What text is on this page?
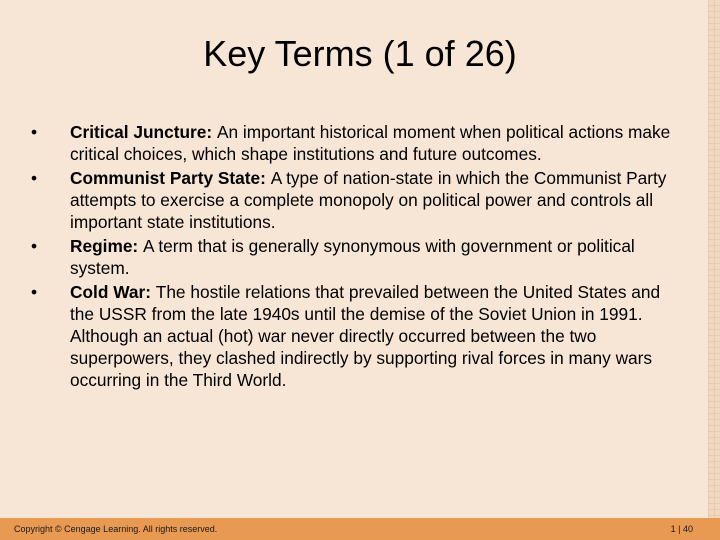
Key Terms (1 of 26)
• Critical Juncture: An important historical moment when political actions make critical choices, which shape institutions and future outcomes.
• Communist Party State: A type of nation-state in which the Communist Party attempts to exercise a complete monopoly on political power and controls all important state institutions.
• Regime: A term that is generally synonymous with government or political system.
• Cold War: The hostile relations that prevailed between the United States and the USSR from the late 1940s until the demise of the Soviet Union in 1991. Although an actual (hot) war never directly occurred between the two superpowers, they clashed indirectly by supporting rival forces in many wars occurring in the Third World.
Copyright © Cengage Learning. All rights reserved.	1 | 40
